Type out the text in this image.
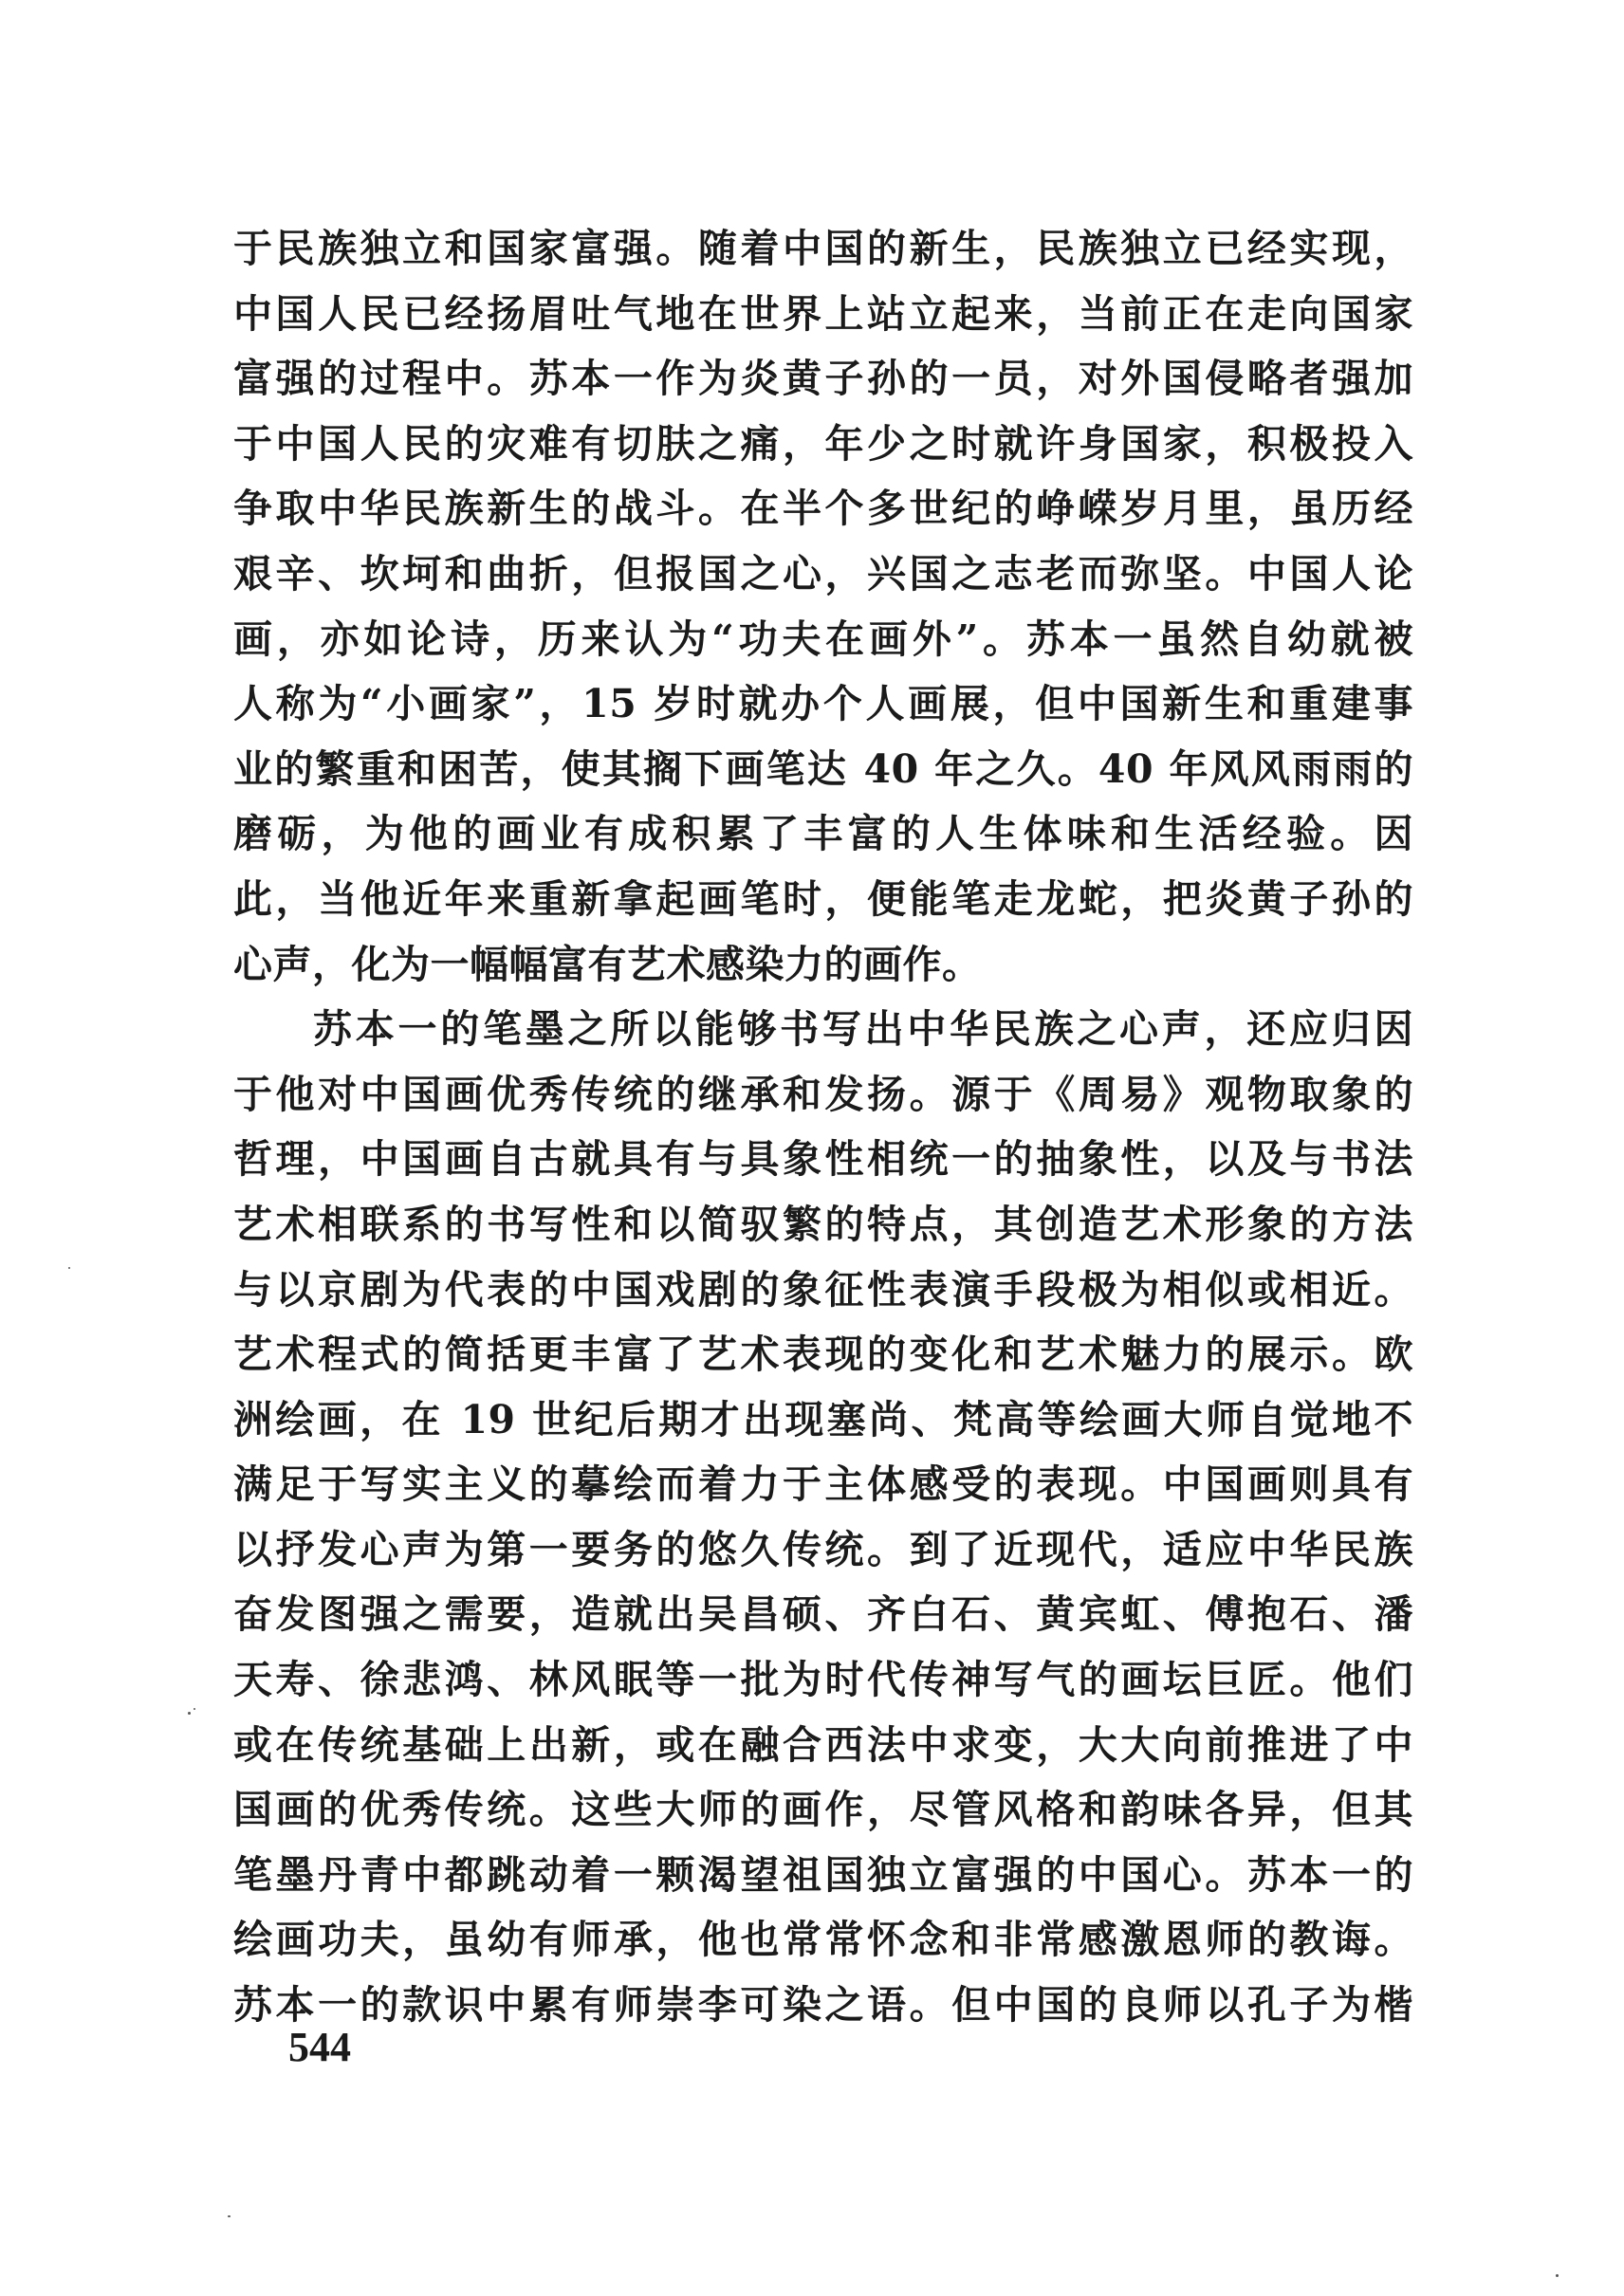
于民族独立和国家富强。随着中国的新生，民族独立已经实现，
中国人民已经扬眉吐气地在世界上站立起来，当前正在走向国家
富强的过程中。苏本一作为炎黄子孙的一员，对外国侵略者强加
于中国人民的灾难有切肤之痛，年少之时就许身国家，积极投入
争取中华民族新生的战斗。在半个多世纪的峥嵘岁月里，虽历经
艰辛、坎坷和曲折，但报国之心，兴国之志老而弥坚。中国人论
画，亦如论诗，历来认为“功夫在画外”。苏本一虽然自幼就被
人称为“小画家”，15 岁时就办个人画展，但中国新生和重建事
业的繁重和困苦，使其搁下画笔达 40 年之久。40 年风风雨雨的
磨砺，为他的画业有成积累了丰富的人生体味和生活经验。因
此，当他近年来重新拿起画笔时，便能笔走龙蛇，把炎黄子孙的
心声，化为一幅幅富有艺术感染力的画作。
苏本一的笔墨之所以能够书写出中华民族之心声，还应归因
于他对中国画优秀传统的继承和发扬。源于《周易》观物取象的
哲理，中国画自古就具有与具象性相统一的抽象性，以及与书法
艺术相联系的书写性和以简驭繁的特点，其创造艺术形象的方法
与以京剧为代表的中国戏剧的象征性表演手段极为相似或相近。
艺术程式的简括更丰富了艺术表现的变化和艺术魅力的展示。欧
洲绘画，在 19 世纪后期才出现塞尚、梵高等绘画大师自觉地不
满足于写实主义的摹绘而着力于主体感受的表现。中国画则具有
以抒发心声为第一要务的悠久传统。到了近现代，适应中华民族
奋发图强之需要，造就出吴昌硕、齐白石、黄宾虹、傅抱石、潘
天寿、徐悲鸿、林风眠等一批为时代传神写气的画坛巨匠。他们
或在传统基础上出新，或在融合西法中求变，大大向前推进了中
国画的优秀传统。这些大师的画作，尽管风格和韵味各异，但其
笔墨丹青中都跳动着一颗渴望祖国独立富强的中国心。苏本一的
绘画功夫，虽幼有师承，他也常常怀念和非常感激恩师的教诲。
苏本一的款识中累有师崇李可染之语。但中国的良师以孔子为楷
544
